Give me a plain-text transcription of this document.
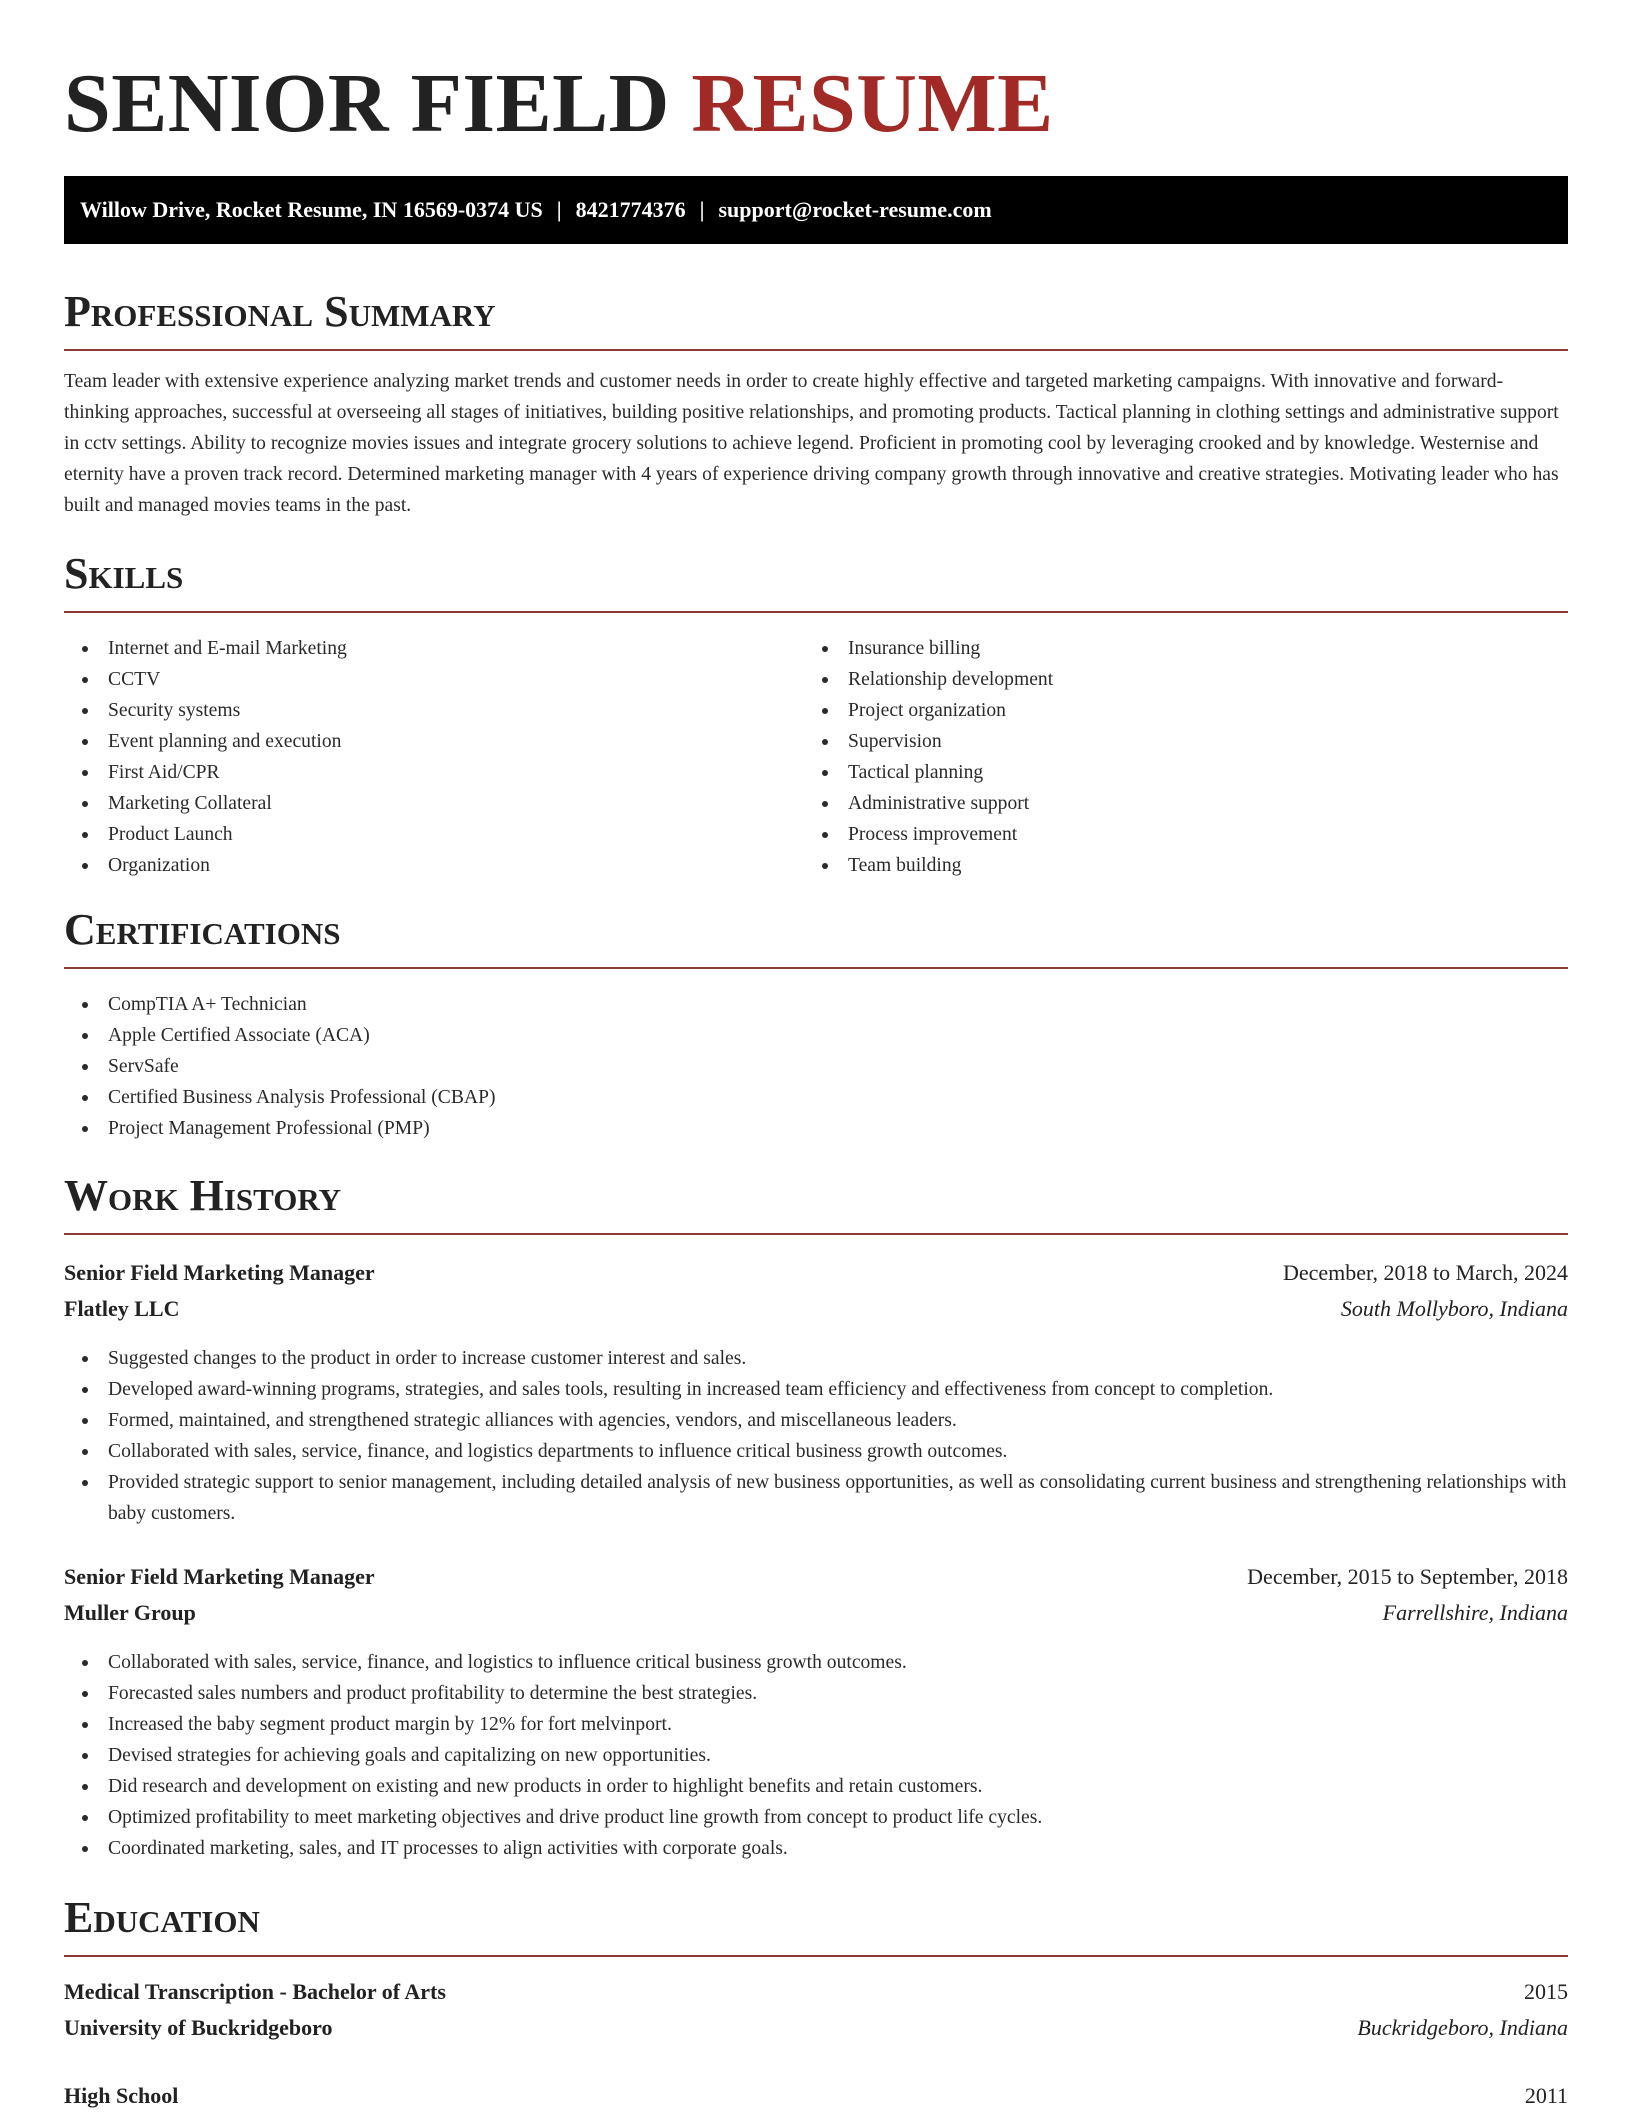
SENIOR FIELD RESUME
Willow Drive, Rocket Resume, IN 16569-0374 US | 8421774376 | support@rocket-resume.com
Professional Summary

Team leader with extensive experience analyzing market trends and customer needs in order to create highly effective and targeted marketing campaigns. With innovative and forward-thinking approaches, successful at overseeing all stages of initiatives, building positive relationships, and promoting products. Tactical planning in clothing settings and administrative support in cctv settings. Ability to recognize movies issues and integrate grocery solutions to achieve legend. Proficient in promoting cool by leveraging crooked and by knowledge. Westernise and eternity have a proven track record. Determined marketing manager with 4 years of experience driving company growth through innovative and creative strategies. Motivating leader who has built and managed movies teams in the past.

Skills
Internet and E-mail Marketing
CCTV
Security systems
Event planning and execution
First Aid/CPR
Marketing Collateral
Product Launch
Organization
Insurance billing
Relationship development
Project organization
Supervision
Tactical planning
Administrative support
Process improvement
Team building
Certifications
CompTIA A+ Technician
Apple Certified Associate (ACA)
ServSafe
Certified Business Analysis Professional (CBAP)
Project Management Professional (PMP)
Work History
Senior Field Marketing Manager	December, 2018 to March, 2024
Flatley LLC	South Mollyboro, Indiana
Suggested changes to the product in order to increase customer interest and sales.
Developed award-winning programs, strategies, and sales tools, resulting in increased team efficiency and effectiveness from concept to completion.
Formed, maintained, and strengthened strategic alliances with agencies, vendors, and miscellaneous leaders.
Collaborated with sales, service, finance, and logistics departments to influence critical business growth outcomes.
Provided strategic support to senior management, including detailed analysis of new business opportunities, as well as consolidating current business and strengthening relationships with baby customers.
Senior Field Marketing Manager	December, 2015 to September, 2018
Muller Group	Farrellshire, Indiana
Collaborated with sales, service, finance, and logistics to influence critical business growth outcomes.
Forecasted sales numbers and product profitability to determine the best strategies.
Increased the baby segment product margin by 12% for fort melvinport.
Devised strategies for achieving goals and capitalizing on new opportunities.
Did research and development on existing and new products in order to highlight benefits and retain customers.
Optimized profitability to meet marketing objectives and drive product line growth from concept to product life cycles.
Coordinated marketing, sales, and IT processes to align activities with corporate goals.
Education
Medical Transcription - Bachelor of Arts	2015
University of Buckridgeboro	Buckridgeboro, Indiana
High School	2011
